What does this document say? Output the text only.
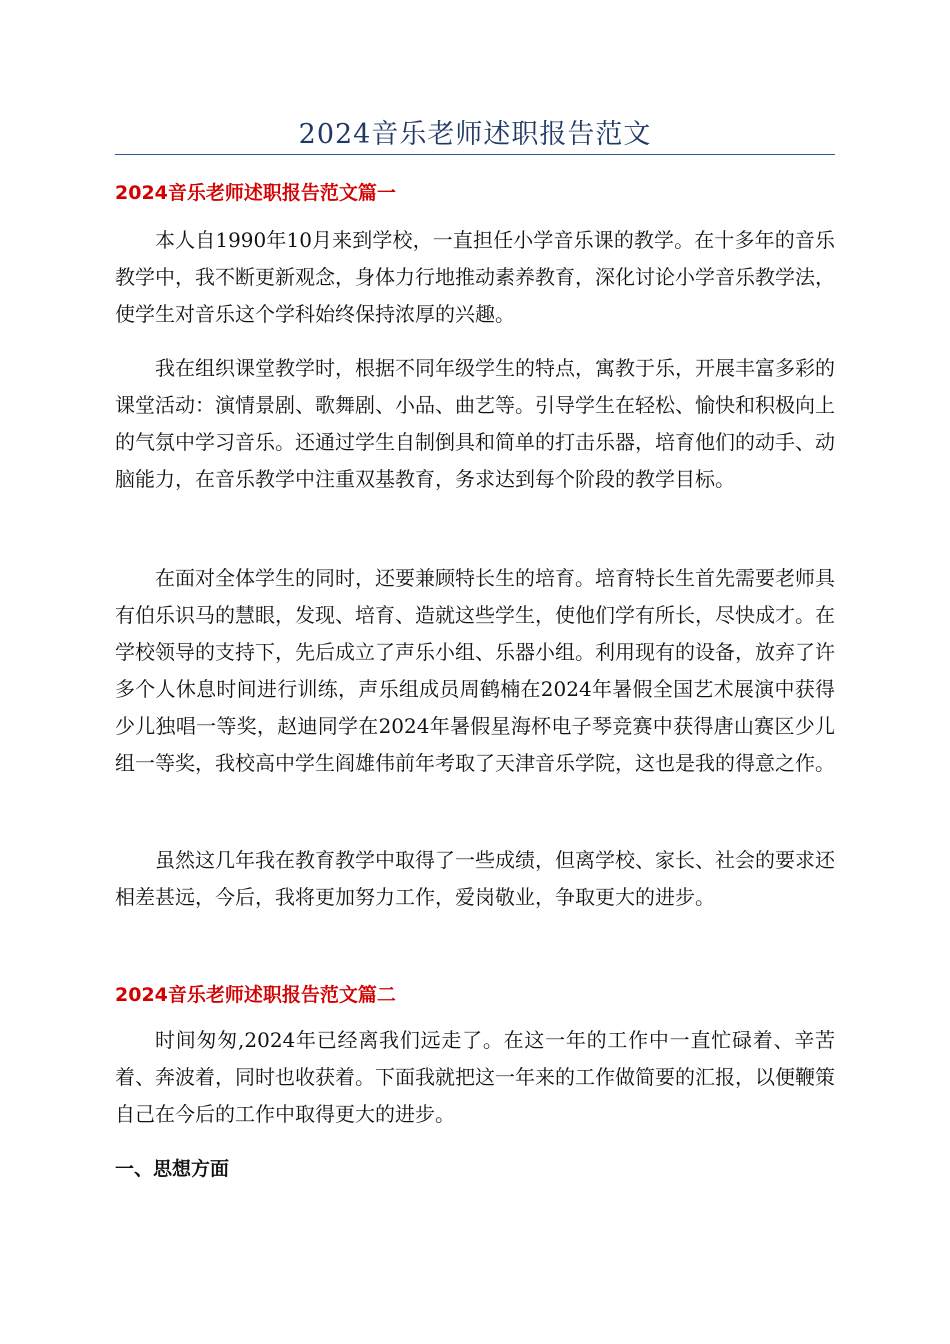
2024音乐老师述职报告范文
2024音乐老师述职报告范文篇一

本人自1990年10月来到学校，一直担任小学音乐课的教学。在十多年的音乐教学中，我不断更新观念，身体力行地推动素养教育，深化讨论小学音乐教学法，使学生对音乐这个学科始终保持浓厚的兴趣。

我在组织课堂教学时，根据不同年级学生的特点，寓教于乐，开展丰富多彩的课堂活动：演情景剧、歌舞剧、小品、曲艺等。引导学生在轻松、愉快和积极向上的气氛中学习音乐。还通过学生自制倒具和简单的打击乐器，培育他们的动手、动脑能力，在音乐教学中注重双基教育，务求达到每个阶段的教学目标。

在面对全体学生的同时，还要兼顾特长生的培育。培育特长生首先需要老师具有伯乐识马的慧眼，发现、培育、造就这些学生，使他们学有所长，尽快成才。在学校领导的支持下，先后成立了声乐小组、乐器小组。利用现有的设备，放弃了许多个人休息时间进行训练，声乐组成员周鹤楠在2024年暑假全国艺术展演中获得少儿独唱一等奖，赵迪同学在2024年暑假星海杯电子琴竞赛中获得唐山赛区少儿组一等奖，我校高中学生阎雄伟前年考取了天津音乐学院，这也是我的得意之作。

虽然这几年我在教育教学中取得了一些成绩，但离学校、家长、社会的要求还相差甚远，今后，我将更加努力工作，爱岗敬业，争取更大的进步。

2024音乐老师述职报告范文篇二

时间匆匆,2024年已经离我们远走了。在这一年的工作中一直忙碌着、辛苦着、奔波着，同时也收获着。下面我就把这一年来的工作做简要的汇报，以便鞭策自己在今后的工作中取得更大的进步。

一、思想方面
